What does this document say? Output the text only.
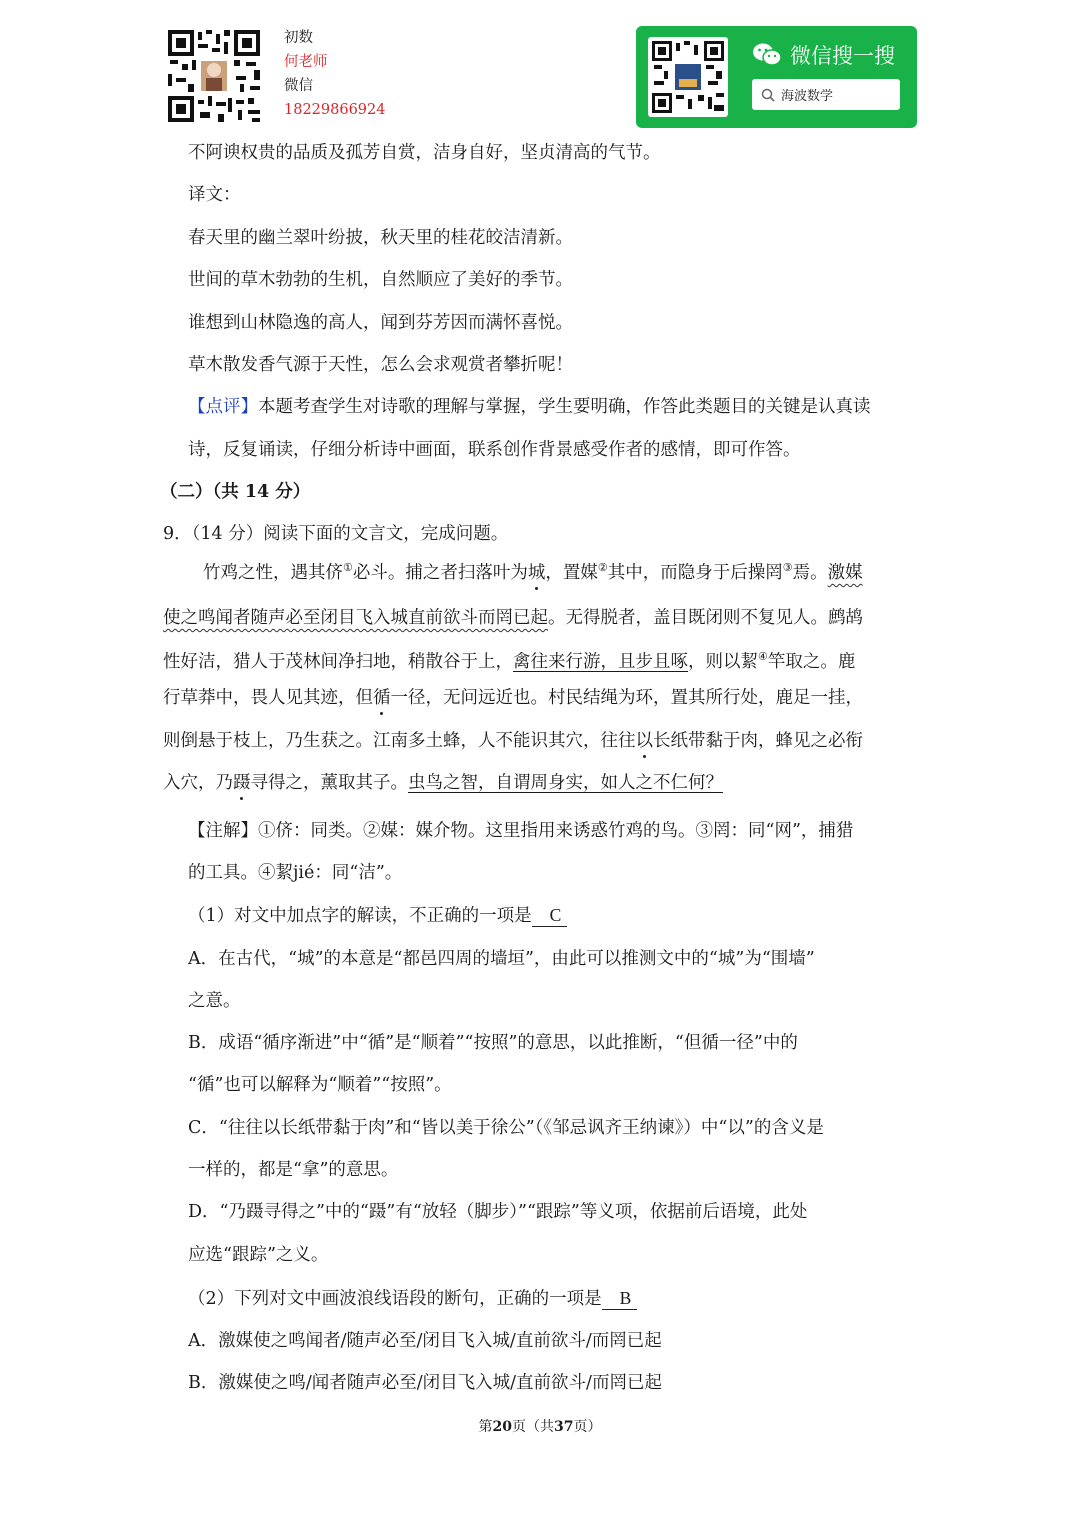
初数
何老师
微信
18229866924
微信搜一搜
海波数学
不阿谀权贵的品质及孤芳自赏，洁身自好，坚贞清高的气节。
译文：
春天里的幽兰翠叶纷披，秋天里的桂花皎洁清新。
世间的草木勃勃的生机，自然顺应了美好的季节。
谁想到山林隐逸的高人，闻到芬芳因而满怀喜悦。
草木散发香气源于天性，怎么会求观赏者攀折呢！
【点评】本题考查学生对诗歌的理解与掌握，学生要明确，作答此类题目的关键是认真读
诗，反复诵读，仔细分析诗中画面，联系创作背景感受作者的感情，即可作答。
（二）（共 14 分）
9．（14 分）阅读下面的文言文，完成问题。
竹鸡之性，遇其侪①必斗。捕之者扫落叶为城，置媒②其中，而隐身于后操罔③焉。激媒
使之鸣闻者随声必至闭目飞入城直前欲斗而罔已起。无得脱者，盖目既闭则不复见人。鹧鸪
性好洁，猎人于茂林间净扫地，稍散谷于上，禽往来行游，且步且啄，则以絜④竿取之。鹿
行草莽中，畏人见其迹，但循一径，无问远近也。村民结绳为环，置其所行处，鹿足一挂，
则倒悬于枝上，乃生获之。江南多土蜂，人不能识其穴，往往以长纸带黏于肉，蜂见之必衔
入穴，乃蹑寻得之，薰取其子。虫鸟之智，自谓周身实，如人之不仁何？
【注解】①侪：同类。②媒：媒介物。这里指用来诱惑竹鸡的鸟。③罔：同“网”，捕猎
的工具。④絜jié：同“洁”。
（1）对文中加点字的解读，不正确的一项是 C
A．在古代，“城”的本意是“都邑四周的墙垣”，由此可以推测文中的“城”为“围墙”
之意。
B．成语“循序渐进”中“循”是“顺着”“按照”的意思，以此推断，“但循一径”中的
“循”也可以解释为“顺着”“按照”。
C．“往往以长纸带黏于肉”和“皆以美于徐公”（《邹忌讽齐王纳谏》）中“以”的含义是
一样的，都是“拿”的意思。
D．“乃蹑寻得之”中的“蹑”有“放轻（脚步）”“跟踪”等义项，依据前后语境，此处
应选“跟踪”之义。
（2）下列对文中画波浪线语段的断句，正确的一项是 B
A．激媒使之鸣闻者/随声必至/闭目飞入城/直前欲斗/而罔已起
B．激媒使之鸣/闻者随声必至/闭目飞入城/直前欲斗/而罔已起
第20页（共37页）
